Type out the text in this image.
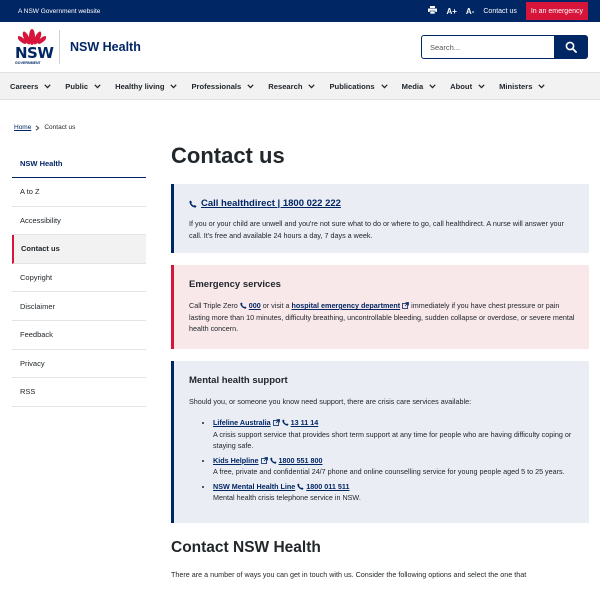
A NSW Government website	A+ A- Contact us	In an emergency
NSW
GOVERNMENT
NSW Health
Search...
Careers	Public	Healthy living	Professionals	Research	Publications	Media	About	Ministers
Home Contact us
NSW Health
A to Z
Accessibility
Contact us
Copyright
Disclaimer
Feedback
Privacy
RSS
Contact us
Call healthdirect | 1800 022 222

If you or your child are unwell and you're not sure what to do or where to go, call healthdirect. A nurse will answer your call. It's free and available 24 hours a day, 7 days a week.

Emergency services

Call Triple Zero 000 or visit a hospital emergency department immediately if you have chest pressure or pain lasting more than 10 minutes, difficulty breathing, uncontrollable bleeding, sudden collapse or overdose, or severe mental health concern.

Mental health support

Should you, or someone you know need support, there are crisis care services available:

• Lifeline Australia	13 11 14
A crisis support service that provides short term support at any time for people who are having difficulty coping or staying safe.
• Kids Helpline	1800 551 800
A free, private and confidential 24/7 phone and online counselling service for young people aged 5 to 25 years.
• NSW Mental Health Line 1800 011 511
Mental health crisis telephone service in NSW.
Contact NSW Health

There are a number of ways you can get in touch with us. Consider the following options and select the one that
